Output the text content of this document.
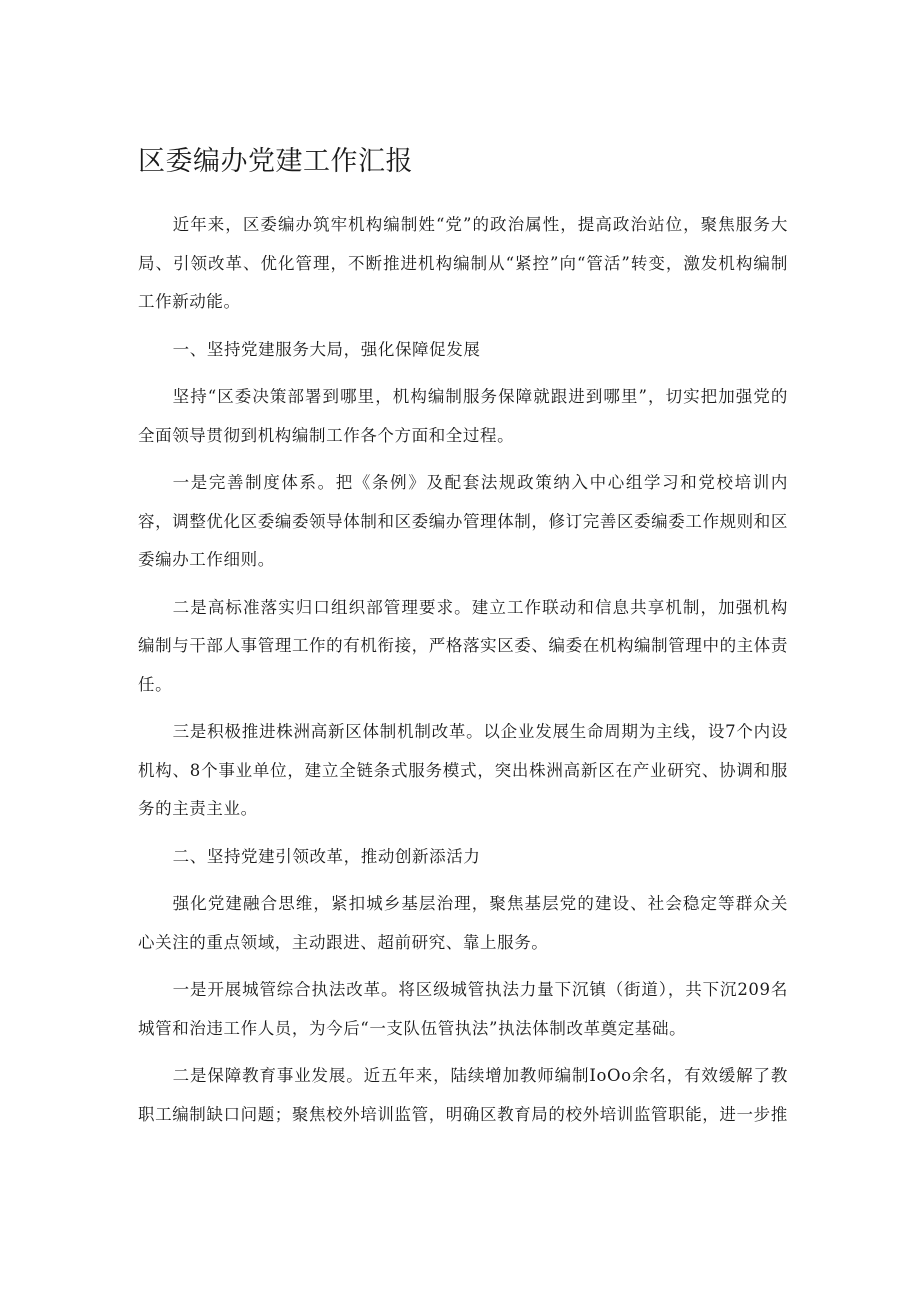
区委编办党建工作汇报

近年来，区委编办筑牢机构编制姓“党”的政治属性，提高政治站位，聚焦服务大局、引领改革、优化管理，不断推进机构编制从“紧控”向“管活”转变，激发机构编制工作新动能。

一、坚持党建服务大局，强化保障促发展

坚持“区委决策部署到哪里，机构编制服务保障就跟进到哪里”，切实把加强党的全面领导贯彻到机构编制工作各个方面和全过程。

一是完善制度体系。把《条例》及配套法规政策纳入中心组学习和党校培训内容，调整优化区委编委领导体制和区委编办管理体制，修订完善区委编委工作规则和区委编办工作细则。

二是高标准落实归口组织部管理要求。建立工作联动和信息共享机制，加强机构编制与干部人事管理工作的有机衔接，严格落实区委、编委在机构编制管理中的主体责任。

三是积极推进株洲高新区体制机制改革。以企业发展生命周期为主线，设7个内设机构、8个事业单位，建立全链条式服务模式，突出株洲高新区在产业研究、协调和服务的主责主业。

二、坚持党建引领改革，推动创新添活力

强化党建融合思维，紧扣城乡基层治理，聚焦基层党的建设、社会稳定等群众关心关注的重点领域，主动跟进、超前研究、靠上服务。

一是开展城管综合执法改革。将区级城管执法力量下沉镇（街道），共下沉209名城管和治违工作人员，为今后“一支队伍管执法”执法体制改革奠定基础。

二是保障教育事业发展。近五年来，陆续增加教师编制IoOo余名，有效缓解了教职工编制缺口问题；聚焦校外培训监管，明确区教育局的校外培训监管职能，进一步推
